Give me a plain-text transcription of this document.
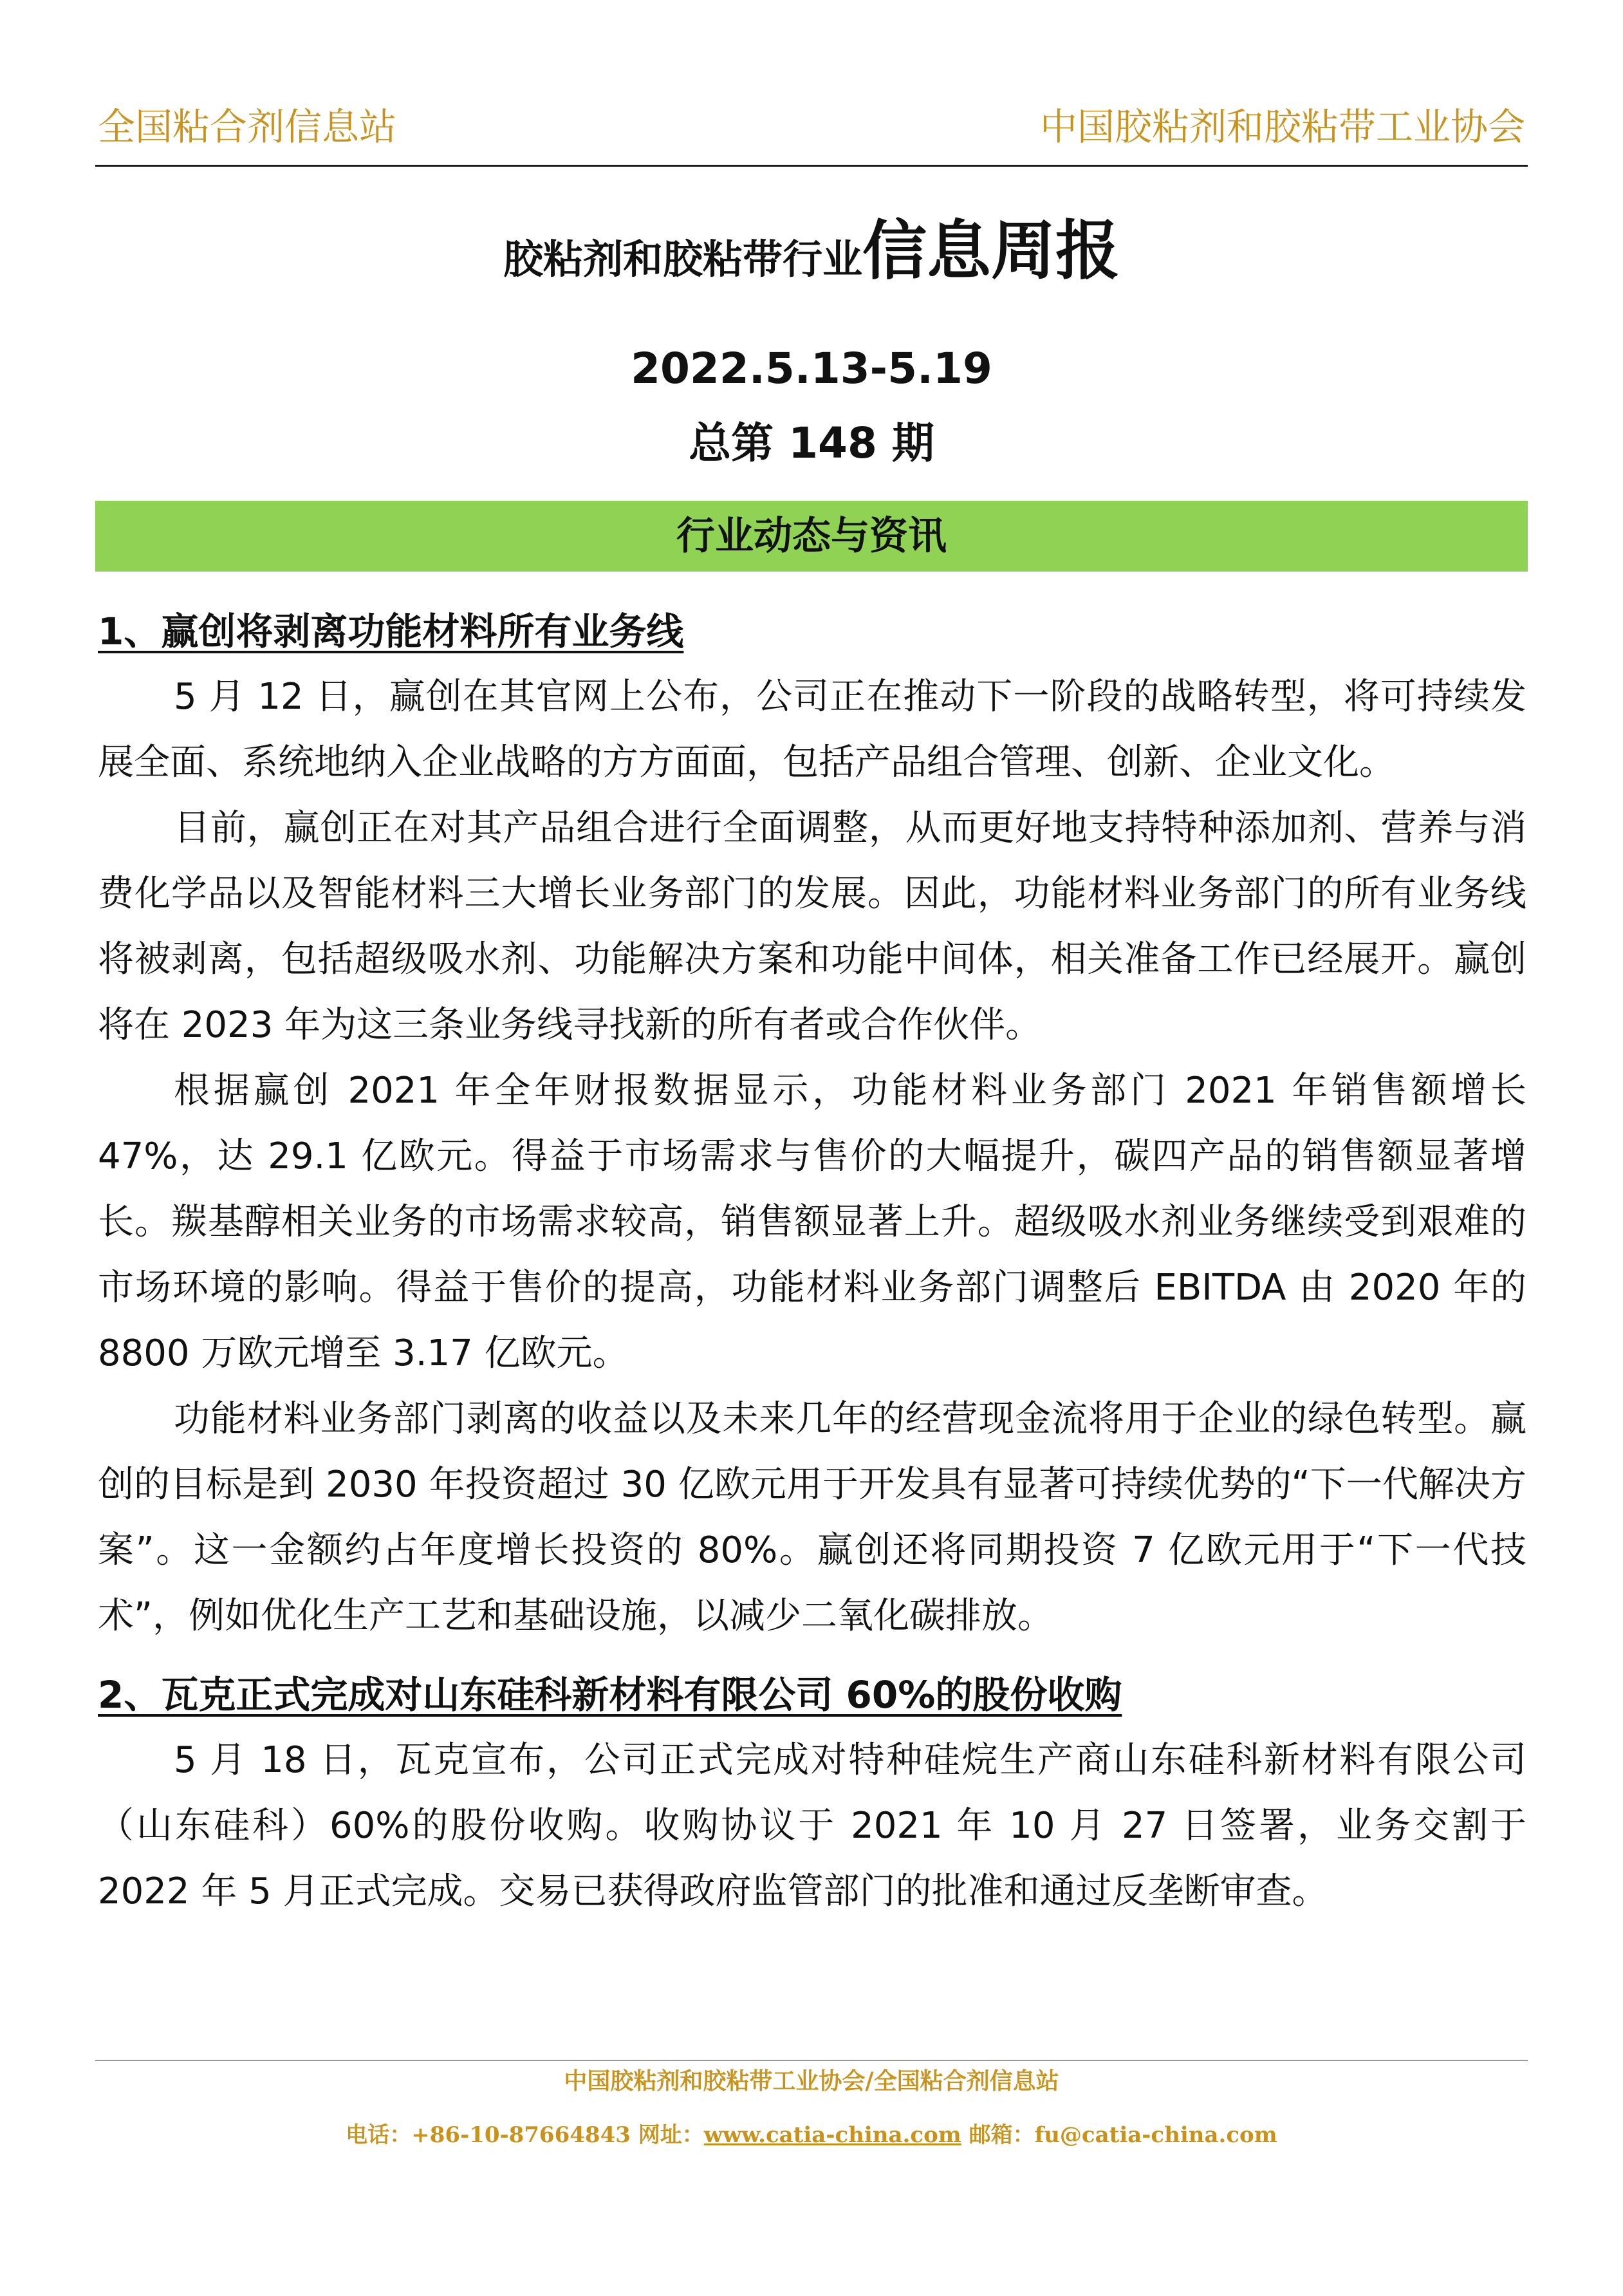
全国粘合剂信息站	中国胶粘剂和胶粘带工业协会
胶粘剂和胶粘带行业信息周报
2022.5.13-5.19
总第 148 期
行业动态与资讯
1、赢创将剥离功能材料所有业务线

5 月 12 日，赢创在其官网上公布，公司正在推动下一阶段的战略转型，将可持续发展全面、系统地纳入企业战略的方方面面，包括产品组合管理、创新、企业文化。

目前，赢创正在对其产品组合进行全面调整，从而更好地支持特种添加剂、营养与消费化学品以及智能材料三大增长业务部门的发展。因此，功能材料业务部门的所有业务线将被剥离，包括超级吸水剂、功能解决方案和功能中间体，相关准备工作已经展开。赢创将在 2023 年为这三条业务线寻找新的所有者或合作伙伴。

根据赢创 2021 年全年财报数据显示，功能材料业务部门 2021 年销售额增长 47%，达 29.1 亿欧元。得益于市场需求与售价的大幅提升，碳四产品的销售额显著增长。羰基醇相关业务的市场需求较高，销售额显著上升。超级吸水剂业务继续受到艰难的市场环境的影响。得益于售价的提高，功能材料业务部门调整后 EBITDA 由 2020 年的 8800 万欧元增至 3.17 亿欧元。

功能材料业务部门剥离的收益以及未来几年的经营现金流将用于企业的绿色转型。赢创的目标是到 2030 年投资超过 30 亿欧元用于开发具有显著可持续优势的“下一代解决方案”。这一金额约占年度增长投资的 80%。赢创还将同期投资 7 亿欧元用于“下一代技术”，例如优化生产工艺和基础设施，以减少二氧化碳排放。

2、瓦克正式完成对山东硅科新材料有限公司 60%的股份收购

5 月 18 日，瓦克宣布，公司正式完成对特种硅烷生产商山东硅科新材料有限公司（山东硅科）60%的股份收购。收购协议于 2021 年 10 月 27 日签署，业务交割于 2022 年 5 月正式完成。交易已获得政府监管部门的批准和通过反垄断审查。

中国胶粘剂和胶粘带工业协会/全国粘合剂信息站
电话：+86-10-87664843 网址：www.catia-china.com 邮箱：fu@catia-china.com
